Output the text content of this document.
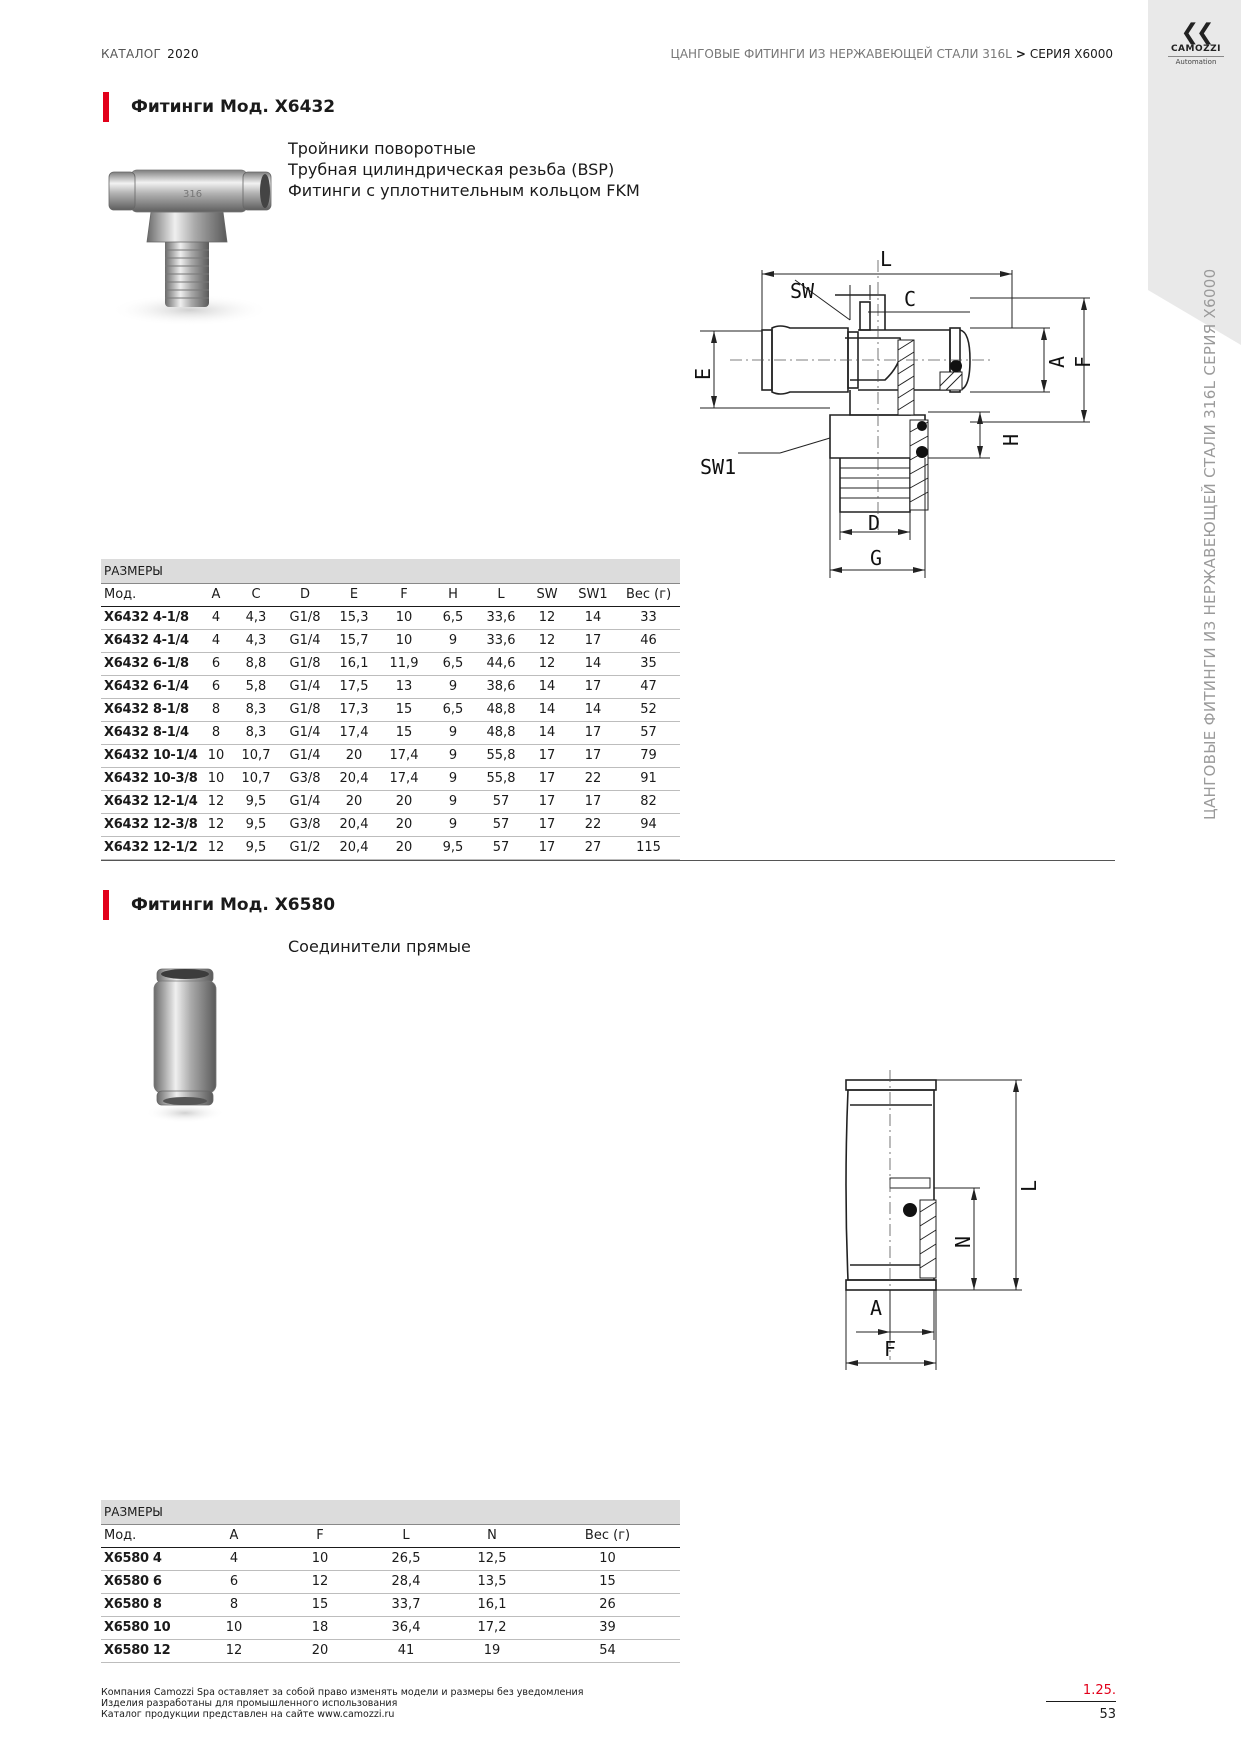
КАТАЛОГ 2020	ЦАНГОВЫЕ ФИТИНГИ ИЗ НЕРЖАВЕЮЩЕЙ СТАЛИ 316L > СЕРИЯ X6000
❮❮
CAMOZZI
Automation
ЦАНГОВЫЕ ФИТИНГИ ИЗ НЕРЖАВЕЮЩЕЙ СТАЛИ 316L СЕРИЯ X6000
Фитинги Мод. X6432
Тройники поворотные
Трубная цилиндрическая резьба (BSP)
Фитинги с уплотнительным кольцом FKM
316
L
SW	C
A F
E
SW1
H
D
G
РАЗМЕРЫ										
Мод.	A	C	D	E	F	H	L	SW	SW1	Вес (г)
X6432 4-1/8	4	4,3	G1/8	15,3	10	6,5	33,6	12	14	33
X6432 4-1/4	4	4,3	G1/4	15,7	10	9	33,6	12	17	46
X6432 6-1/8	6	8,8	G1/8	16,1	11,9	6,5	44,6	12	14	35
X6432 6-1/4	6	5,8	G1/4	17,5	13	9	38,6	14	17	47
X6432 8-1/8	8	8,3	G1/8	17,3	15	6,5	48,8	14	14	52
X6432 8-1/4	8	8,3	G1/4	17,4	15	9	48,8	14	17	57
X6432 10-1/4	10	10,7	G1/4	20	17,4	9	55,8	17	17	79
X6432 10-3/8	10	10,7	G3/8	20,4	17,4	9	55,8	17	22	91
X6432 12-1/4	12	9,5	G1/4	20	20	9	57	17	17	82
X6432 12-3/8	12	9,5	G3/8	20,4	20	9	57	17	22	94
X6432 12-1/2	12	9,5	G1/2	20,4	20	9,5	57	17	27	115
Фитинги Мод. X6580
Соединители прямые
L
N
A
F
РАЗМЕРЫ					
Мод.	A	F	L	N	Вес (г)
X6580 4	4	10	26,5	12,5	10
X6580 6	6	12	28,4	13,5	15
X6580 8	8	15	33,7	16,1	26
X6580 10	10	18	36,4	17,2	39
X6580 12	12	20	41	19	54
Компания Camozzi Spa оставляет за собой право изменять модели и размеры без уведомления
Изделия разработаны для промышленного использования
Каталог продукции представлен на сайте www.camozzi.ru
1.25.
53
